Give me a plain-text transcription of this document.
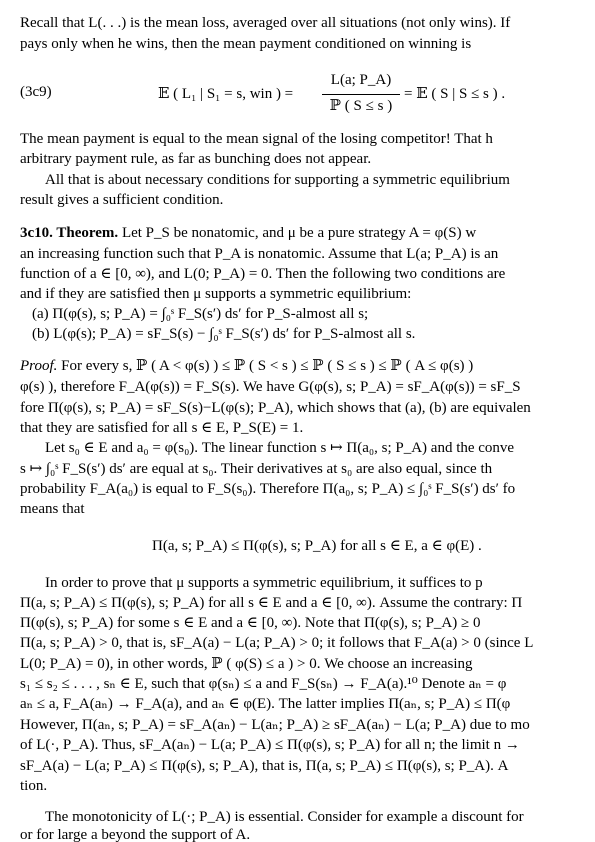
Recall that L(. . .) is the mean loss, averaged over all situations (not only wins). If
pays only when he wins, then the mean payment conditioned on winning is
(3c9)	𝔼 ( L₁ | S₁ = s, win ) =
L(a; P_A)
ℙ ( S ≤ s )
= 𝔼 ( S | S ≤ s ) .
The mean payment is equal to the mean signal of the losing competitor! That h
arbitrary payment rule, as far as bunching does not appear.
All that is about necessary conditions for supporting a symmetric equilibrium
result gives a sufficient condition.
3c10. Theorem. Let P_S be nonatomic, and μ be a pure strategy A = φ(S) w
an increasing function such that P_A is nonatomic. Assume that L(a; P_A) is an
function of a ∈ [0, ∞), and L(0; P_A) = 0. Then the following two conditions are
and if they are satisfied then μ supports a symmetric equilibrium:
(a) Π(φ(s), s; P_A) = ∫₀ˢ F_S(s′) ds′ for P_S-almost all s;
(b) L(φ(s); P_A) = sF_S(s) − ∫₀ˢ F_S(s′) ds′ for P_S-almost all s.
Proof. For every s, ℙ ( A < φ(s) ) ≤ ℙ ( S < s ) ≤ ℙ ( S ≤ s ) ≤ ℙ ( A ≤ φ(s) )
φ(s) ), therefore F_A(φ(s)) = F_S(s). We have G(φ(s), s; P_A) = sF_A(φ(s)) = sF_S
fore Π(φ(s), s; P_A) = sF_S(s)−L(φ(s); P_A), which shows that (a), (b) are equivalen
that they are satisfied for all s ∈ E, P_S(E) = 1.
Let s₀ ∈ E and a₀ = φ(s₀). The linear function s ↦ Π(a₀, s; P_A) and the conve
s ↦ ∫₀ˢ F_S(s′) ds′ are equal at s₀. Their derivatives at s₀ are also equal, since th
probability F_A(a₀) is equal to F_S(s₀). Therefore Π(a₀, s; P_A) ≤ ∫₀ˢ F_S(s′) ds′ fo
means that
Π(a, s; P_A) ≤ Π(φ(s), s; P_A) for all s ∈ E, a ∈ φ(E) .
In order to prove that μ supports a symmetric equilibrium, it suffices to p
Π(a, s; P_A) ≤ Π(φ(s), s; P_A) for all s ∈ E and a ∈ [0, ∞). Assume the contrary: Π
Π(φ(s), s; P_A) for some s ∈ E and a ∈ [0, ∞). Note that Π(φ(s), s; P_A) ≥ 0
Π(a, s; P_A) > 0, that is, sF_A(a) − L(a; P_A) > 0; it follows that F_A(a) > 0 (since L
L(0; P_A) = 0), in other words, ℙ ( φ(S) ≤ a ) > 0. We choose an increasing
s₁ ≤ s₂ ≤ . . . , sₙ ∈ E, such that φ(sₙ) ≤ a and F_S(sₙ) → F_A(a).¹⁰ Denote aₙ = φ
aₙ ≤ a, F_A(aₙ) → F_A(a), and aₙ ∈ φ(E). The latter implies Π(aₙ, s; P_A) ≤ Π(φ
However, Π(aₙ, s; P_A) = sF_A(aₙ) − L(aₙ; P_A) ≥ sF_A(aₙ) − L(a; P_A) due to mo
of L(·, P_A). Thus, sF_A(aₙ) − L(a; P_A) ≤ Π(φ(s), s; P_A) for all n; the limit n →
sF_A(a) − L(a; P_A) ≤ Π(φ(s), s; P_A), that is, Π(a, s; P_A) ≤ Π(φ(s), s; P_A). A
tion.
The monotonicity of L(·; P_A) is essential. Consider for example a discount for
or for large a beyond the support of A.
